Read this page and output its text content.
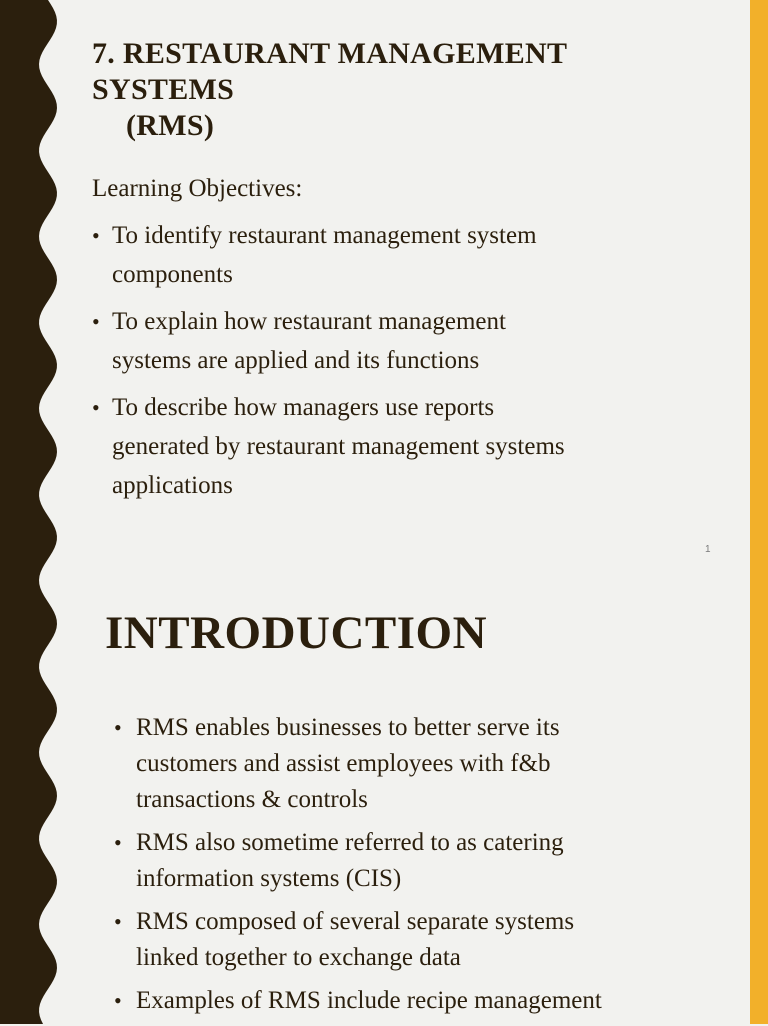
7. RESTAURANT MANAGEMENT
SYSTEMS
(RMS)
Learning Objectives:
• To identify restaurant management system
components
• To explain how restaurant management
systems are applied and its functions
• To describe how managers use reports
generated by restaurant management systems
applications
1
INTRODUCTION
• RMS enables businesses to better serve its
customers and assist employees with f&b
transactions & controls
• RMS also sometime referred to as catering
information systems (CIS)
• RMS composed of several separate systems
linked together to exchange data
• Examples of RMS include recipe management
